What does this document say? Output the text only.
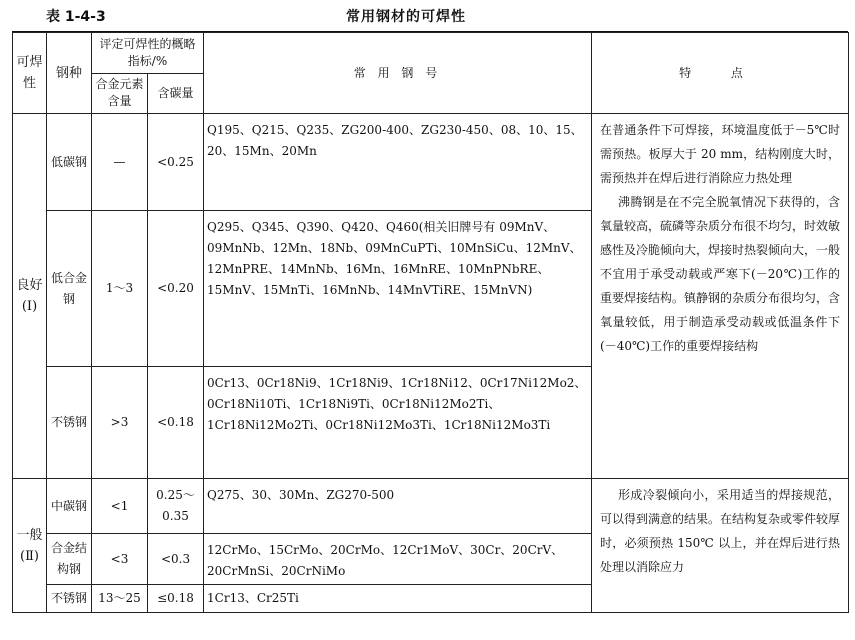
表 1-4-3	常用钢材的可焊性
可焊性	钢种	评定可焊性的概略指标/%		常 用 钢 号	特 点
		合金元素含量	含碳量		
良好(Ⅰ)	低碳钢	—	<0.25	Q195、Q215、Q235、ZG200-400、ZG230-450、08、10、15、20、15Mn、20Mn	在普通条件下可焊接，环境温度低于－5℃时需预热。板厚大于 20 mm，结构刚度大时，需预热并在焊后进行消除应力热处理
沸腾钢是在不完全脱氧情况下获得的，含氧量较高，硫磷等杂质分布很不均匀，时效敏感性及冷脆倾向大，焊接时热裂倾向大，一般不宜用于承受动载或严寒下(－20℃)工作的重要焊接结构。镇静钢的杂质分布很均匀，含氧量较低，用于制造承受动载或低温条件下(－40℃)工作的重要焊接结构

	低合金钢	1～3	<0.20	Q295、Q345、Q390、Q420、Q460(相关旧牌号有 09MnV、09MnNb、12Mn、18Nb、09MnCuPTi、10MnSiCu、12MnV、12MnPRE、14MnNb、16Mn、16MnRE、10MnPNbRE、15MnV、15MnTi、16MnNb、14MnVTiRE、15MnVN)	
	不锈钢	>3	<0.18	0Cr13、0Cr18Ni9、1Cr18Ni9、1Cr18Ni12、0Cr17Ni12Mo2、0Cr18Ni10Ti、1Cr18Ni9Ti、0Cr18Ni12Mo2Ti、1Cr18Ni12Mo2Ti、0Cr18Ni12Mo3Ti、1Cr18Ni12Mo3Ti	
一般(Ⅱ)	中碳钢	<1	0.25～0.35	Q275、30、30Mn、ZG270-500	形成冷裂倾向小，采用适当的焊接规范，可以得到满意的结果。在结构复杂或零件较厚时，必须预热 150℃ 以上，并在焊后进行热处理以消除应力

	合金结构钢	<3	<0.3	12CrMo、15CrMo、20CrMo、12Cr1MoV、30Cr、20CrV、20CrMnSi、20CrNiMo	
	不锈钢	13～25	≤0.18	1Cr13、Cr25Ti	
